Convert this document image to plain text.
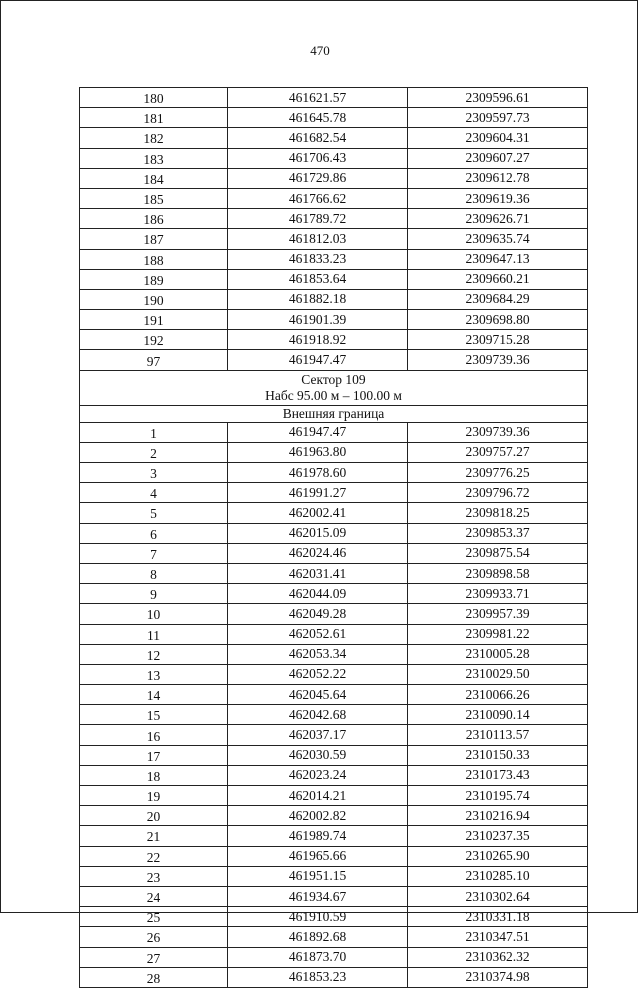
470
180	461621.57	2309596.61
181	461645.78	2309597.73
182	461682.54	2309604.31
183	461706.43	2309607.27
184	461729.86	2309612.78
185	461766.62	2309619.36
186	461789.72	2309626.71
187	461812.03	2309635.74
188	461833.23	2309647.13
189	461853.64	2309660.21
190	461882.18	2309684.29
191	461901.39	2309698.80
192	461918.92	2309715.28
97	461947.47	2309739.36

Сектор 109
Набс 95.00 м – 100.00 м		

Внешняя граница		
1	461947.47	2309739.36
2	461963.80	2309757.27
3	461978.60	2309776.25
4	461991.27	2309796.72
5	462002.41	2309818.25
6	462015.09	2309853.37
7	462024.46	2309875.54
8	462031.41	2309898.58
9	462044.09	2309933.71
10	462049.28	2309957.39
11	462052.61	2309981.22
12	462053.34	2310005.28
13	462052.22	2310029.50
14	462045.64	2310066.26
15	462042.68	2310090.14
16	462037.17	2310113.57
17	462030.59	2310150.33
18	462023.24	2310173.43
19	462014.21	2310195.74
20	462002.82	2310216.94
21	461989.74	2310237.35
22	461965.66	2310265.90
23	461951.15	2310285.10
24	461934.67	2310302.64
25	461910.59	2310331.18
26	461892.68	2310347.51
27	461873.70	2310362.32
28	461853.23	2310374.98
